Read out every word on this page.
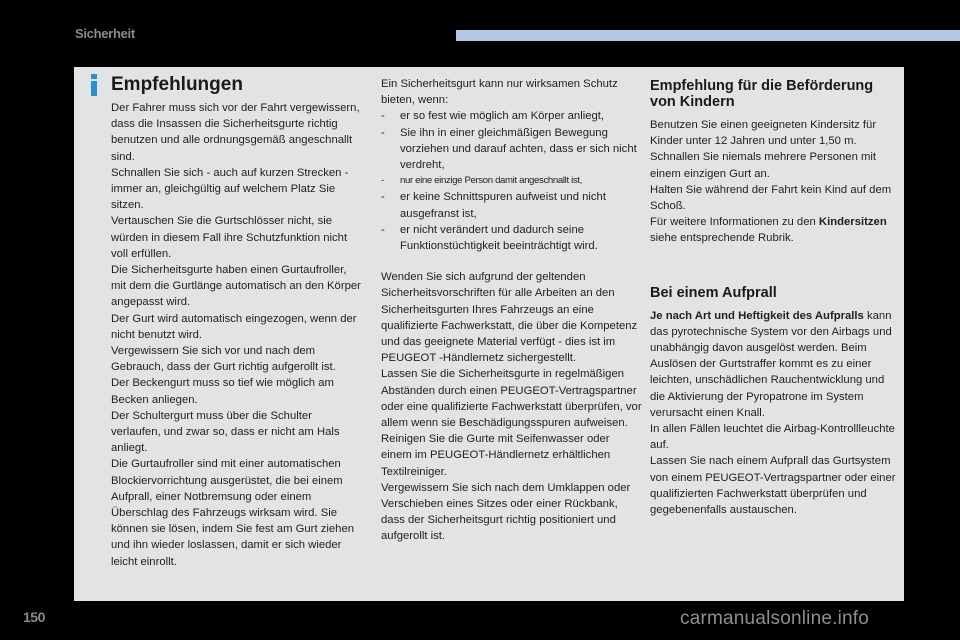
Sicherheit
Empfehlungen

Der Fahrer muss sich vor der Fahrt vergewissern, dass die Insassen die Sicherheitsgurte richtig benutzen und alle ordnungsgemäß angeschnallt sind.

Schnallen Sie sich - auch auf kurzen Strecken - immer an, gleichgültig auf welchem Platz Sie sitzen.

Vertauschen Sie die Gurtschlösser nicht, sie würden in diesem Fall ihre Schutzfunktion nicht voll erfüllen.

Die Sicherheitsgurte haben einen Gurtaufroller, mit dem die Gurtlänge automatisch an den Körper angepasst wird.

Der Gurt wird automatisch eingezogen, wenn der nicht benutzt wird.

Vergewissern Sie sich vor und nach dem Gebrauch, dass der Gurt richtig aufgerollt ist.

Der Beckengurt muss so tief wie möglich am Becken anliegen.

Der Schultergurt muss über die Schulter verlaufen, und zwar so, dass er nicht am Hals anliegt.

Die Gurtaufroller sind mit einer automatischen Blockiervorrichtung ausgerüstet, die bei einem Aufprall, einer Notbremsung oder einem Überschlag des Fahrzeugs wirksam wird. Sie können sie lösen, indem Sie fest am Gurt ziehen und ihn wieder loslassen, damit er sich wieder leicht einrollt.

Ein Sicherheitsgurt kann nur wirksamen Schutz bieten, wenn:

- er so fest wie möglich am Körper anliegt,
- Sie ihn in einer gleichmäßigen Bewegung vorziehen und darauf achten, dass er sich nicht verdreht,
- nur eine einzige Person damit angeschnallt ist,
- er keine Schnittspuren aufweist und nicht ausgefranst ist,
- er nicht verändert und dadurch seine Funktionstüchtigkeit beeinträchtigt wird.

Wenden Sie sich aufgrund der geltenden Sicherheitsvorschriften für alle Arbeiten an den Sicherheitsgurten Ihres Fahrzeugs an eine qualifizierte Fachwerkstatt, die über die Kompetenz und das geeignete Material verfügt - dies ist im PEUGEOT -Händlernetz sichergestellt.

Lassen Sie die Sicherheitsgurte in regelmäßigen Abständen durch einen PEUGEOT-Vertragspartner oder eine qualifizierte Fachwerkstatt überprüfen, vor allem wenn sie Beschädigungsspuren aufweisen.

Reinigen Sie die Gurte mit Seifenwasser oder einem im PEUGEOT-Händlernetz erhältlichen Textilreiniger.

Vergewissern Sie sich nach dem Umklappen oder Verschieben eines Sitzes oder einer Rückbank, dass der Sicherheitsgurt richtig positioniert und aufgerollt ist.

Empfehlung für die Beförderung von Kindern

Benutzen Sie einen geeigneten Kindersitz für Kinder unter 12 Jahren und unter 1,50 m.

Schnallen Sie niemals mehrere Personen mit einem einzigen Gurt an.

Halten Sie während der Fahrt kein Kind auf dem Schoß.

Für weitere Informationen zu den Kindersitzen siehe entsprechende Rubrik.

Bei einem Aufprall

Je nach Art und Heftigkeit des Aufpralls kann das pyrotechnische System vor den Airbags und unabhängig davon ausgelöst werden. Beim Auslösen der Gurtstraffer kommt es zu einer leichten, unschädlichen Rauchentwicklung und die Aktivierung der Pyropatrone im System verursacht einen Knall.

In allen Fällen leuchtet die Airbag-Kontrollleuchte auf.

Lassen Sie nach einem Aufprall das Gurtsystem von einem PEUGEOT-Vertragspartner oder einer qualifizierten Fachwerkstatt überprüfen und gegebenenfalls austauschen.

150	carmanualsonline.info
